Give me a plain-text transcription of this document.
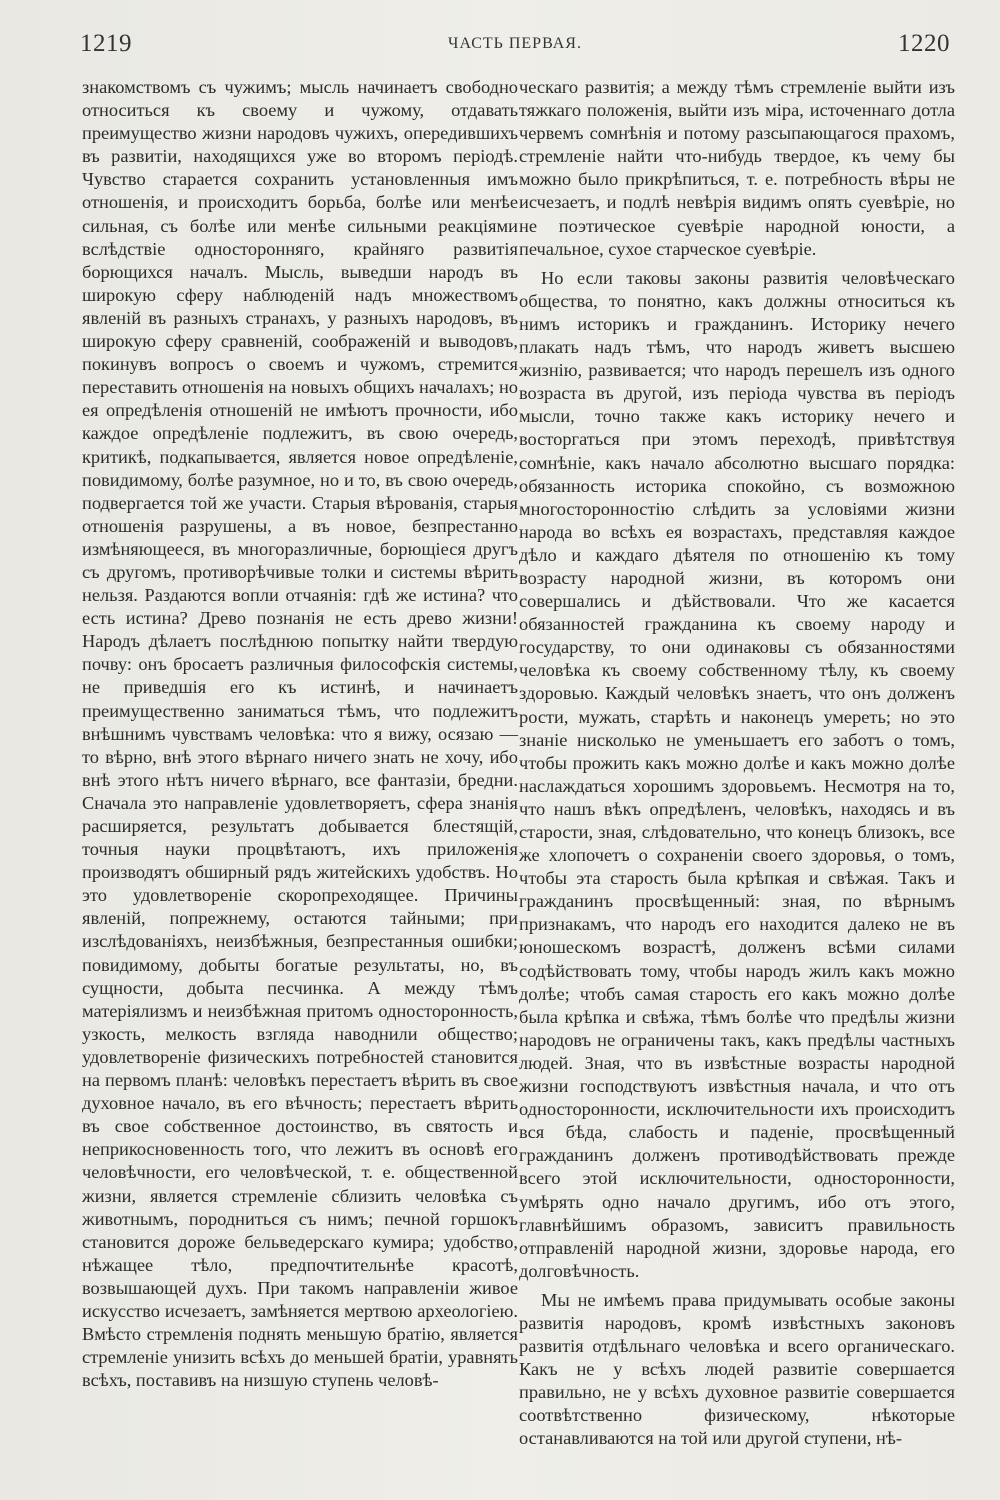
1219	ЧАСТЬ ПЕРВАЯ.	1220

знакомствомъ съ чужимъ; мысль начинаетъ свободно относиться къ своему и чужому, отдавать преимущество жизни народовъ чужихъ, опередившихъ въ развитіи, находящихся уже во второмъ періодѣ. Чувство старается сохранить установленныя имъ отношенія, и происходитъ борьба, болѣе или менѣе сильная, съ болѣе или менѣе сильными реакціями вслѣдствіе односторонняго, крайняго развитія борющихся началъ. Мысль, выведши народъ въ широкую сферу наблюденій надъ множествомъ явленій въ разныхъ странахъ, у разныхъ народовъ, въ широкую сферу сравненій, соображеній и выводовъ, покинувъ вопросъ о своемъ и чужомъ, стремится переставить отношенія на новыхъ общихъ началахъ; но ея опредѣленія отношеній не имѣютъ прочности, ибо каждое опредѣленіе подлежитъ, въ свою очередь, критикѣ, подкапывается, является новое опредѣленіе, повидимому, болѣе разумное, но и то, въ свою очередь, подвергается той же участи. Старыя вѣрованія, старыя отношенія разрушены, а въ новое, безпрестанно измѣняющееся, въ многоразличные, борющіеся другъ съ другомъ, противорѣчивые толки и системы вѣрить нельзя. Раздаются вопли отчаянія: гдѣ же истина? что есть истина? Древо познанія не есть древо жизни! Народъ дѣлаетъ послѣднюю попытку найти твердую почву: онъ бросаетъ различныя философскія системы, не приведшія его къ истинѣ, и начинаетъ преимущественно заниматься тѣмъ, что подлежитъ внѣшнимъ чувствамъ человѣка: что я вижу, осязаю — то вѣрно, внѣ этого вѣрнаго ничего знать не хочу, ибо внѣ этого нѣтъ ничего вѣрнаго, все фантазіи, бредни. Сначала это направленіе удовлетворяетъ, сфера знанія расширяется, результатъ добывается блестящій, точныя науки процвѣтаютъ, ихъ приложенія производятъ обширный рядъ житейскихъ удобствъ. Но это удовлетвореніе скоропреходящее. Причины явленій, попрежнему, остаются тайными; при изслѣдованіяхъ, неизбѣжныя, безпрестанныя ошибки; повидимому, добыты богатые результаты, но, въ сущности, добыта песчинка. А между тѣмъ матеріялизмъ и неизбѣжная притомъ односторонность, узкость, мелкость взгляда наводнили общество; удовлетвореніе физическихъ потребностей становится на первомъ планѣ: человѣкъ перестаетъ вѣрить въ свое духовное начало, въ его вѣчность; перестаетъ вѣрить въ свое собственное достоинство, въ святость и неприкосновенность того, что лежитъ въ основѣ его человѣчности, его человѣческой, т. е. общественной жизни, является стремленіе сблизить человѣка съ животнымъ, породниться съ нимъ; печной горшокъ становится дороже бельведерскаго кумира; удобство, нѣжащее тѣло, предпочтительнѣе красотѣ, возвышающей духъ. При такомъ направленіи живое искусство исчезаетъ, замѣняется мертвою археологіею. Вмѣсто стремленія поднять меньшую братію, является стремленіе унизить всѣхъ до меньшей братіи, уравнять всѣхъ, поставивъ на низшую ступень человѣ-

ческаго развитія; а между тѣмъ стремленіе выйти изъ тяжкаго положенія, выйти изъ міра, источеннаго дотла червемъ сомнѣнія и потому разсыпающагося прахомъ, стремленіе найти что-нибудь твердое, къ чему бы можно было прикрѣпиться, т. е. потребность вѣры не исчезаетъ, и подлѣ невѣрія видимъ опять суевѣріе, но не поэтическое суевѣріе народной юности, а печальное, сухое старческое суевѣріе.

Но если таковы законы развитія человѣческаго общества, то понятно, какъ должны относиться къ нимъ историкъ и гражданинъ. Историку нечего плакать надъ тѣмъ, что народъ живетъ высшею жизнію, развивается; что народъ перешелъ изъ одного возраста въ другой, изъ періода чувства въ періодъ мысли, точно также какъ историку нечего и восторгаться при этомъ переходѣ, привѣтствуя сомнѣніе, какъ начало абсолютно высшаго порядка: обязанность историка спокойно, съ возможною многосторонностію слѣдить за условіями жизни народа во всѣхъ ея возрастахъ, представляя каждое дѣло и каждаго дѣятеля по отношенію къ тому возрасту народной жизни, въ которомъ они совершались и дѣйствовали. Что же касается обязанностей гражданина къ своему народу и государству, то они одинаковы съ обязанностями человѣка къ своему собственному тѣлу, къ своему здоровью. Каждый человѣкъ знаетъ, что онъ долженъ рости, мужать, старѣть и наконецъ умереть; но это знаніе нисколько не уменьшаетъ его заботъ о томъ, чтобы прожить какъ можно долѣе и какъ можно долѣе наслаждаться хорошимъ здоровьемъ. Несмотря на то, что нашъ вѣкъ опредѣленъ, человѣкъ, находясь и въ старости, зная, слѣдовательно, что конецъ близокъ, все же хлопочетъ о сохраненіи своего здоровья, о томъ, чтобы эта старость была крѣпкая и свѣжая. Такъ и гражданинъ просвѣщенный: зная, по вѣрнымъ признакамъ, что народъ его находится далеко не въ юношескомъ возрастѣ, долженъ всѣми силами содѣйствовать тому, чтобы народъ жилъ какъ можно долѣе; чтобъ самая старость его какъ можно долѣе была крѣпка и свѣжа, тѣмъ болѣе что предѣлы жизни народовъ не ограничены такъ, какъ предѣлы частныхъ людей. Зная, что въ извѣстные возрасты народной жизни господствуютъ извѣстныя начала, и что отъ односторонности, исключительности ихъ происходитъ вся бѣда, слабость и паденіе, просвѣщенный гражданинъ долженъ противодѣйствовать прежде всего этой исключительности, односторонности, умѣрять одно начало другимъ, ибо отъ этого, главнѣйшимъ образомъ, зависитъ правильность отправленій народной жизни, здоровье народа, его долговѣчность.

Мы не имѣемъ права придумывать особые законы развитія народовъ, кромѣ извѣстныхъ законовъ развитія отдѣльнаго человѣка и всего органическаго. Какъ не у всѣхъ людей развитіе совершается правильно, не у всѣхъ духовное развитіе совершается соотвѣтственно физическому, нѣкоторые останавливаются на той или другой ступени, нѣ-
